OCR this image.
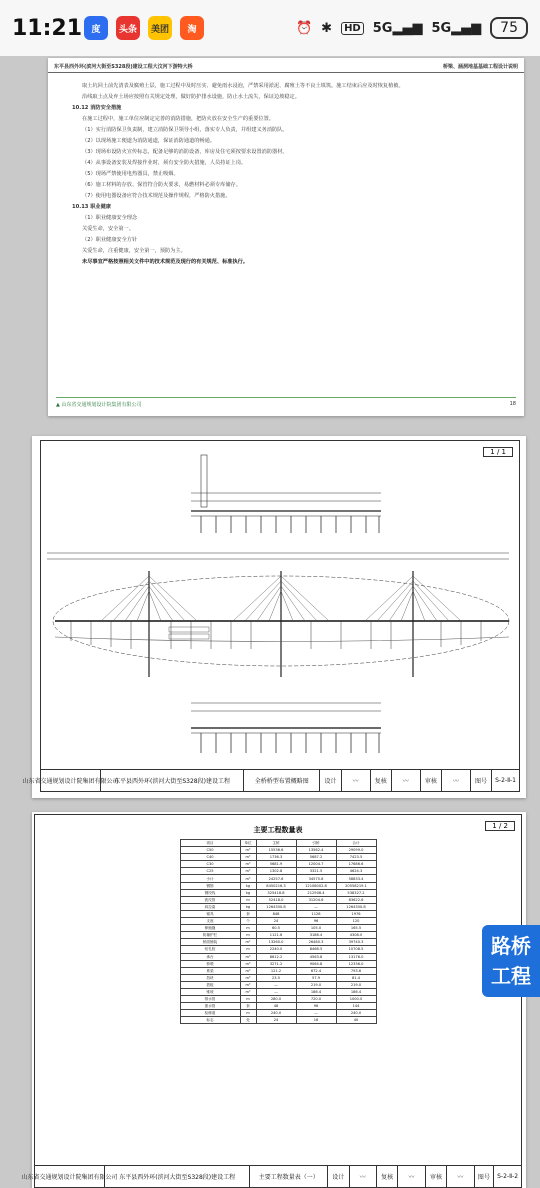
11:21	度	头条	美团	淘	⏰ ✱	HD 5G▂▄▆ 5G▂▄▆	75
东平县西外环(滨河大街至S328段)建设工程大汶河下游特大桥	桥梁、涵洞地基基础工程设计说明

取土坑回土前先清表及腐殖土层，施工过程中及时压实、避免雨水浸泡，严禁采用淤泥、腐殖土等不良土填筑。施工结束后应及时恢复植被。

沿线取土点及弃土场应按照有关规定处理，做好防护排水设施，防止水土流失，保证边坡稳定。

10.12 消防安全措施

在施工过程中，施工单位应制定完善的消防措施，把防火放在安全生产的重要位置。

（1）实行消防保卫负责制，建立消防保卫领导小组，落实专人负责，并组建义务消防队。

（2）以现场施工便道为消防通道，保证消防通道的畅通。

（3）现场布设防火宣传标志，配备足够的消防设备，库房及住宅须按要求设置消防器材。

（4）从事设备安装及焊接作业时，须有安全防火措施，人员持证上岗。

（5）现场严禁使用电热器具，禁止吸烟。

（6）施工材料的存放、保管符合防火要求，易燃材料必须专库储存。

（7）使用电器设备应符合技术规范及操作规程，严格防火措施。

10.13 职业健康

（1）职业健康安全理念

关爱生命，安全第一。

（2）职业健康安全方针

关爱生命，注重健康，安全第一，预防为主。

未尽事宜严格按照相关文件中的技术规范及现行的有关规范、标准执行。

▲ 山东省交通规划设计院集团有限公司	18
1 / 1
山东省交通规划设计院集团有限公司
东平县西外环(滨河大街至S328段)建设工程	全桥桥型布置概略图	设计	〰	复核	〰	审核	〰	图号	S-2-Ⅱ-1
1 / 2
主要工程数量表
项目	单位	主桥	引桥	合计
C50	m³	15536.6	13562.4	29099.0
C40	m³	1736.3	5687.2	7423.5
C30	m³	5681.9	12004.7	17686.6
C25	m³	1302.8	3321.5	4624.3
小计	m³	24257.6	34575.8	58833.4
钢筋	kg	8450216.3	12108002.8	20558219.1
钢绞线	kg	325418.8	212908.4	538327.2
波纹管	m	52418.0	31204.6	83622.6
斜拉索	kg	1264350.8	—	1264350.8
锚具	套	848	1128	1976
支座	个	24	96	120
伸缩缝	m	60.5	105.0	165.5
防撞护栏	m	1121.6	3186.4	4308.0
桥面铺装	m²	13260.0	26480.3	39740.3
钻孔桩	m	2240.0	8468.5	10708.5
承台	m³	8612.2	4563.8	13176.0
桥墩	m³	3271.2	9064.8	12336.0
系梁	m³	121.2	672.4	793.6
挡块	m³	23.5	57.9	81.4
搭板	m³	—	219.0	219.0
锥坡	m³	—	186.4	186.4
排水管	m	280.0	720.0	1000.0
泄水管	套	48	96	144
检修道	m	240.0	—	240.0
标志	处	24	16	40
山东省交通规划设计院集团有限公司 东平县西外环(滨河大街至S328段)建设工程	主要工程数量表（一）	设计	〰	复核	〰	审核	〰	图号	S-2-Ⅱ-2
路桥
工程
